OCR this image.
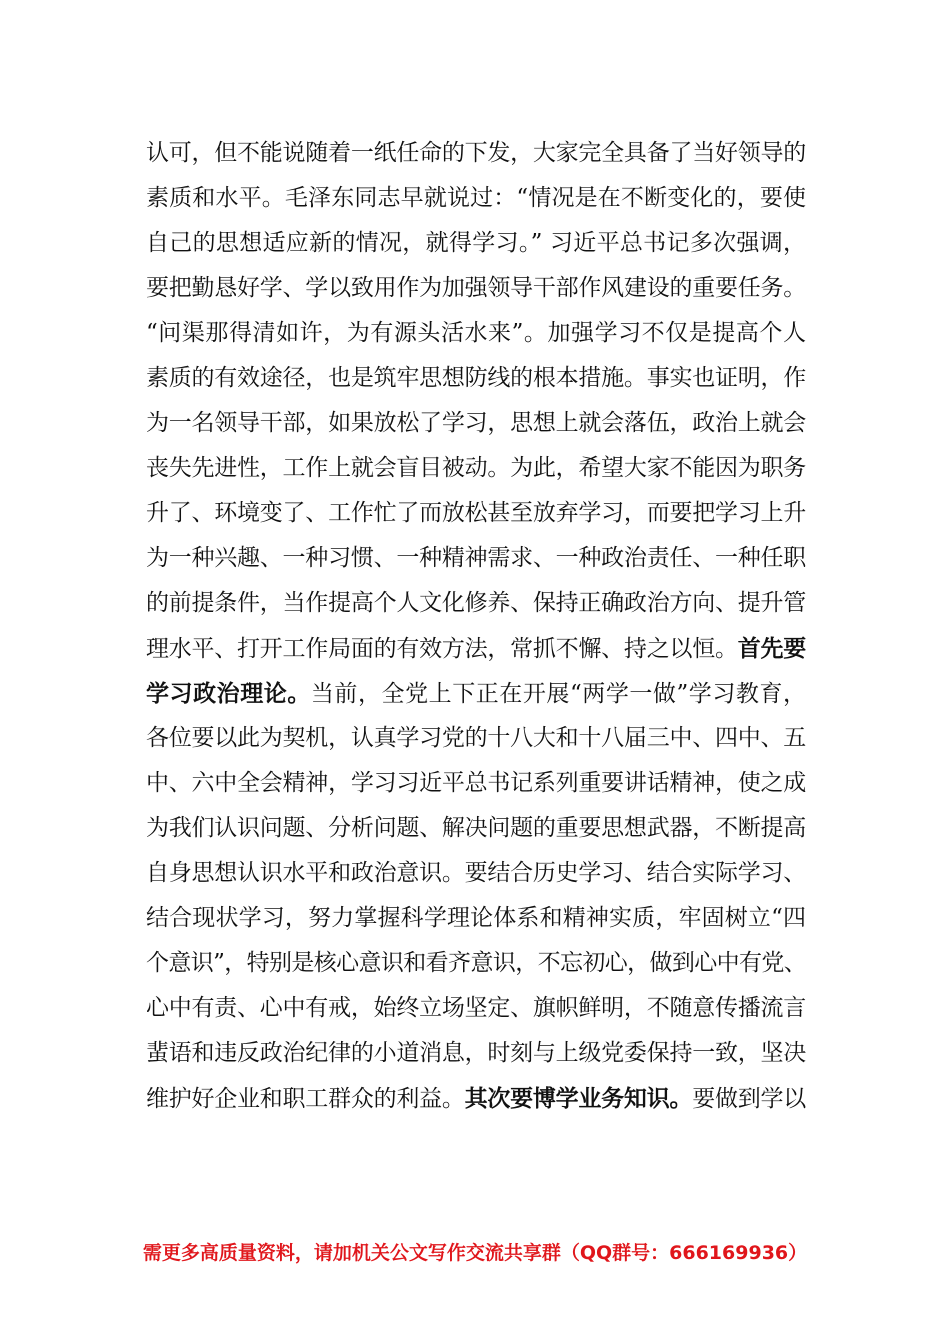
认可，但不能说随着一纸任命的下发，大家完全具备了当好领导的
素质和水平。毛泽东同志早就说过：“情况是在不断变化的，要使
自己的思想适应新的情况，就得学习。” 习近平总书记多次强调，
要把勤恳好学、学以致用作为加强领导干部作风建设的重要任务。
“问渠那得清如许，为有源头活水来”。加强学习不仅是提高个人
素质的有效途径，也是筑牢思想防线的根本措施。事实也证明，作
为一名领导干部，如果放松了学习，思想上就会落伍，政治上就会
丧失先进性，工作上就会盲目被动。为此，希望大家不能因为职务
升了、环境变了、工作忙了而放松甚至放弃学习，而要把学习上升
为一种兴趣、一种习惯、一种精神需求、一种政治责任、一种任职
的前提条件，当作提高个人文化修养、保持正确政治方向、提升管
理水平、打开工作局面的有效方法，常抓不懈、持之以恒。首先要
学习政治理论。当前，全党上下正在开展“两学一做”学习教育，
各位要以此为契机，认真学习党的十八大和十八届三中、四中、五
中、六中全会精神，学习习近平总书记系列重要讲话精神，使之成
为我们认识问题、分析问题、解决问题的重要思想武器，不断提高
自身思想认识水平和政治意识。要结合历史学习、结合实际学习、
结合现状学习，努力掌握科学理论体系和精神实质，牢固树立“四
个意识”，特别是核心意识和看齐意识，不忘初心，做到心中有党、
心中有责、心中有戒，始终立场坚定、旗帜鲜明，不随意传播流言
蜚语和违反政治纪律的小道消息，时刻与上级党委保持一致，坚决
维护好企业和职工群众的利益。其次要博学业务知识。要做到学以
需更多高质量资料，请加机关公文写作交流共享群（QQ群号：666169936）
